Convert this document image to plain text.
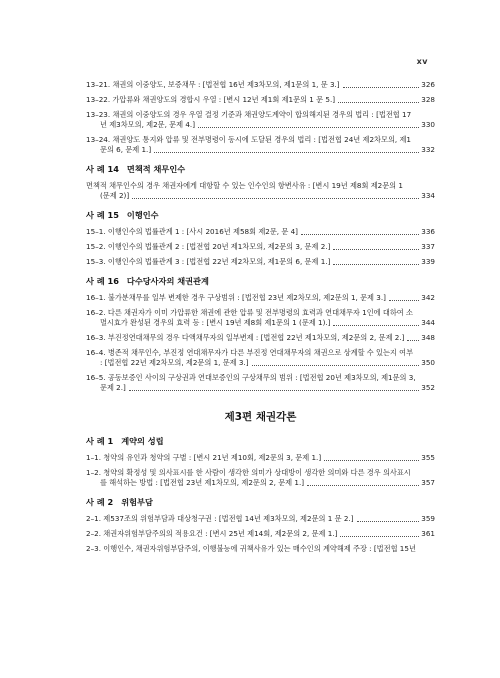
xv
13–21. 채권의 이중양도, 보증채무 : [법전협 16년 제3차모의, 제1문의 1, 문 3.]	326
13–22. 가압류와 채권양도의 경합시 우열 : [변시 12년 제1회 제1문의 1 문 5.]	328
13–23. 채권의 이중양도의 경우 우열 결정 기준과 채권양도계약이 합의해지된 경우의 법리 : [법전협 17
년 제3차모의, 제2문, 문제 4.]	330
13–24. 채권양도 통지와 압류 및 전부명령이 동시에 도달된 경우의 법리 : [법전협 24년 제2차모의, 제1
문의 6, 문제 1.]	332
사 례 14 면책적 채무인수
면책적 채무인수의 경우 채권자에게 대항할 수 있는 인수인의 항변사유 : [변시 19년 제8회 제2문의 1
(문제 2)]	334
사 례 15 이행인수
15–1. 이행인수의 법률관계 1 : [사시 2016년 제58회 제2문, 문 4]	336
15–2. 이행인수의 법률관계 2 : [법전협 20년 제1차모의, 제2문의 3, 문제 2.]	337
15–3. 이행인수의 법률관계 3 : [법전협 22년 제2차모의, 제1문의 6, 문제 1.]	339
사 례 16 다수당사자의 채권관계
16–1. 불가분채무를 일부 변제한 경우 구상범위 : [법전협 23년 제2차모의, 제2문의 1, 문제 3.]	342
16–2. 다른 채권자가 이미 가압류한 채권에 관한 압류 및 전부명령의 효력과 연대채무자 1인에 대하여 소
멸시효가 완성된 경우의 효력 등 : [변시 19년 제8회 제1문의 1 (문제 1).]	344
16–3. 부진정연대채무의 경우 다액채무자의 일부변제 : [법전협 22년 제1차모의, 제2문의 2, 문제 2.] 348
16–4. 병존적 채무인수, 부진정 연대채무자가 다른 부진정 연대채무자의 채권으로 상계할 수 있는지 여부
: [법전협 22년 제2차모의, 제2문의 1, 문제 3.]	350
16–5. 공동보증인 사이의 구상권과 연대보증인의 구상채무의 범위 : [법전협 20년 제3차모의, 제1문의 3,
문제 2.]	352
제3편 채권각론
사 례 1 계약의 성립
1–1. 청약의 유인과 청약의 구별 : [변시 21년 제10회, 제2문의 3, 문제 1.]	355
1–2. 청약의 확정성 및 의사표시를 한 사람이 생각한 의미가 상대방이 생각한 의미와 다른 경우 의사표시
를 해석하는 방법 : [법전협 23년 제1차모의, 제2문의 2, 문제 1.]	357
사 례 2 위험부담
2–1. 제537조의 위험부담과 대상청구권 : [법전협 14년 제3차모의, 제2문의 1 문 2.]	359
2–2. 채권자위험부담주의의 적용요건 : [변시 25년 제14회, 제2문의 2, 문제 1.]	361
2–3. 이행인수, 채권자위험부담주의, 이행불능에 귀책사유가 있는 매수인의 계약해제 주장 : [법전협 15년
